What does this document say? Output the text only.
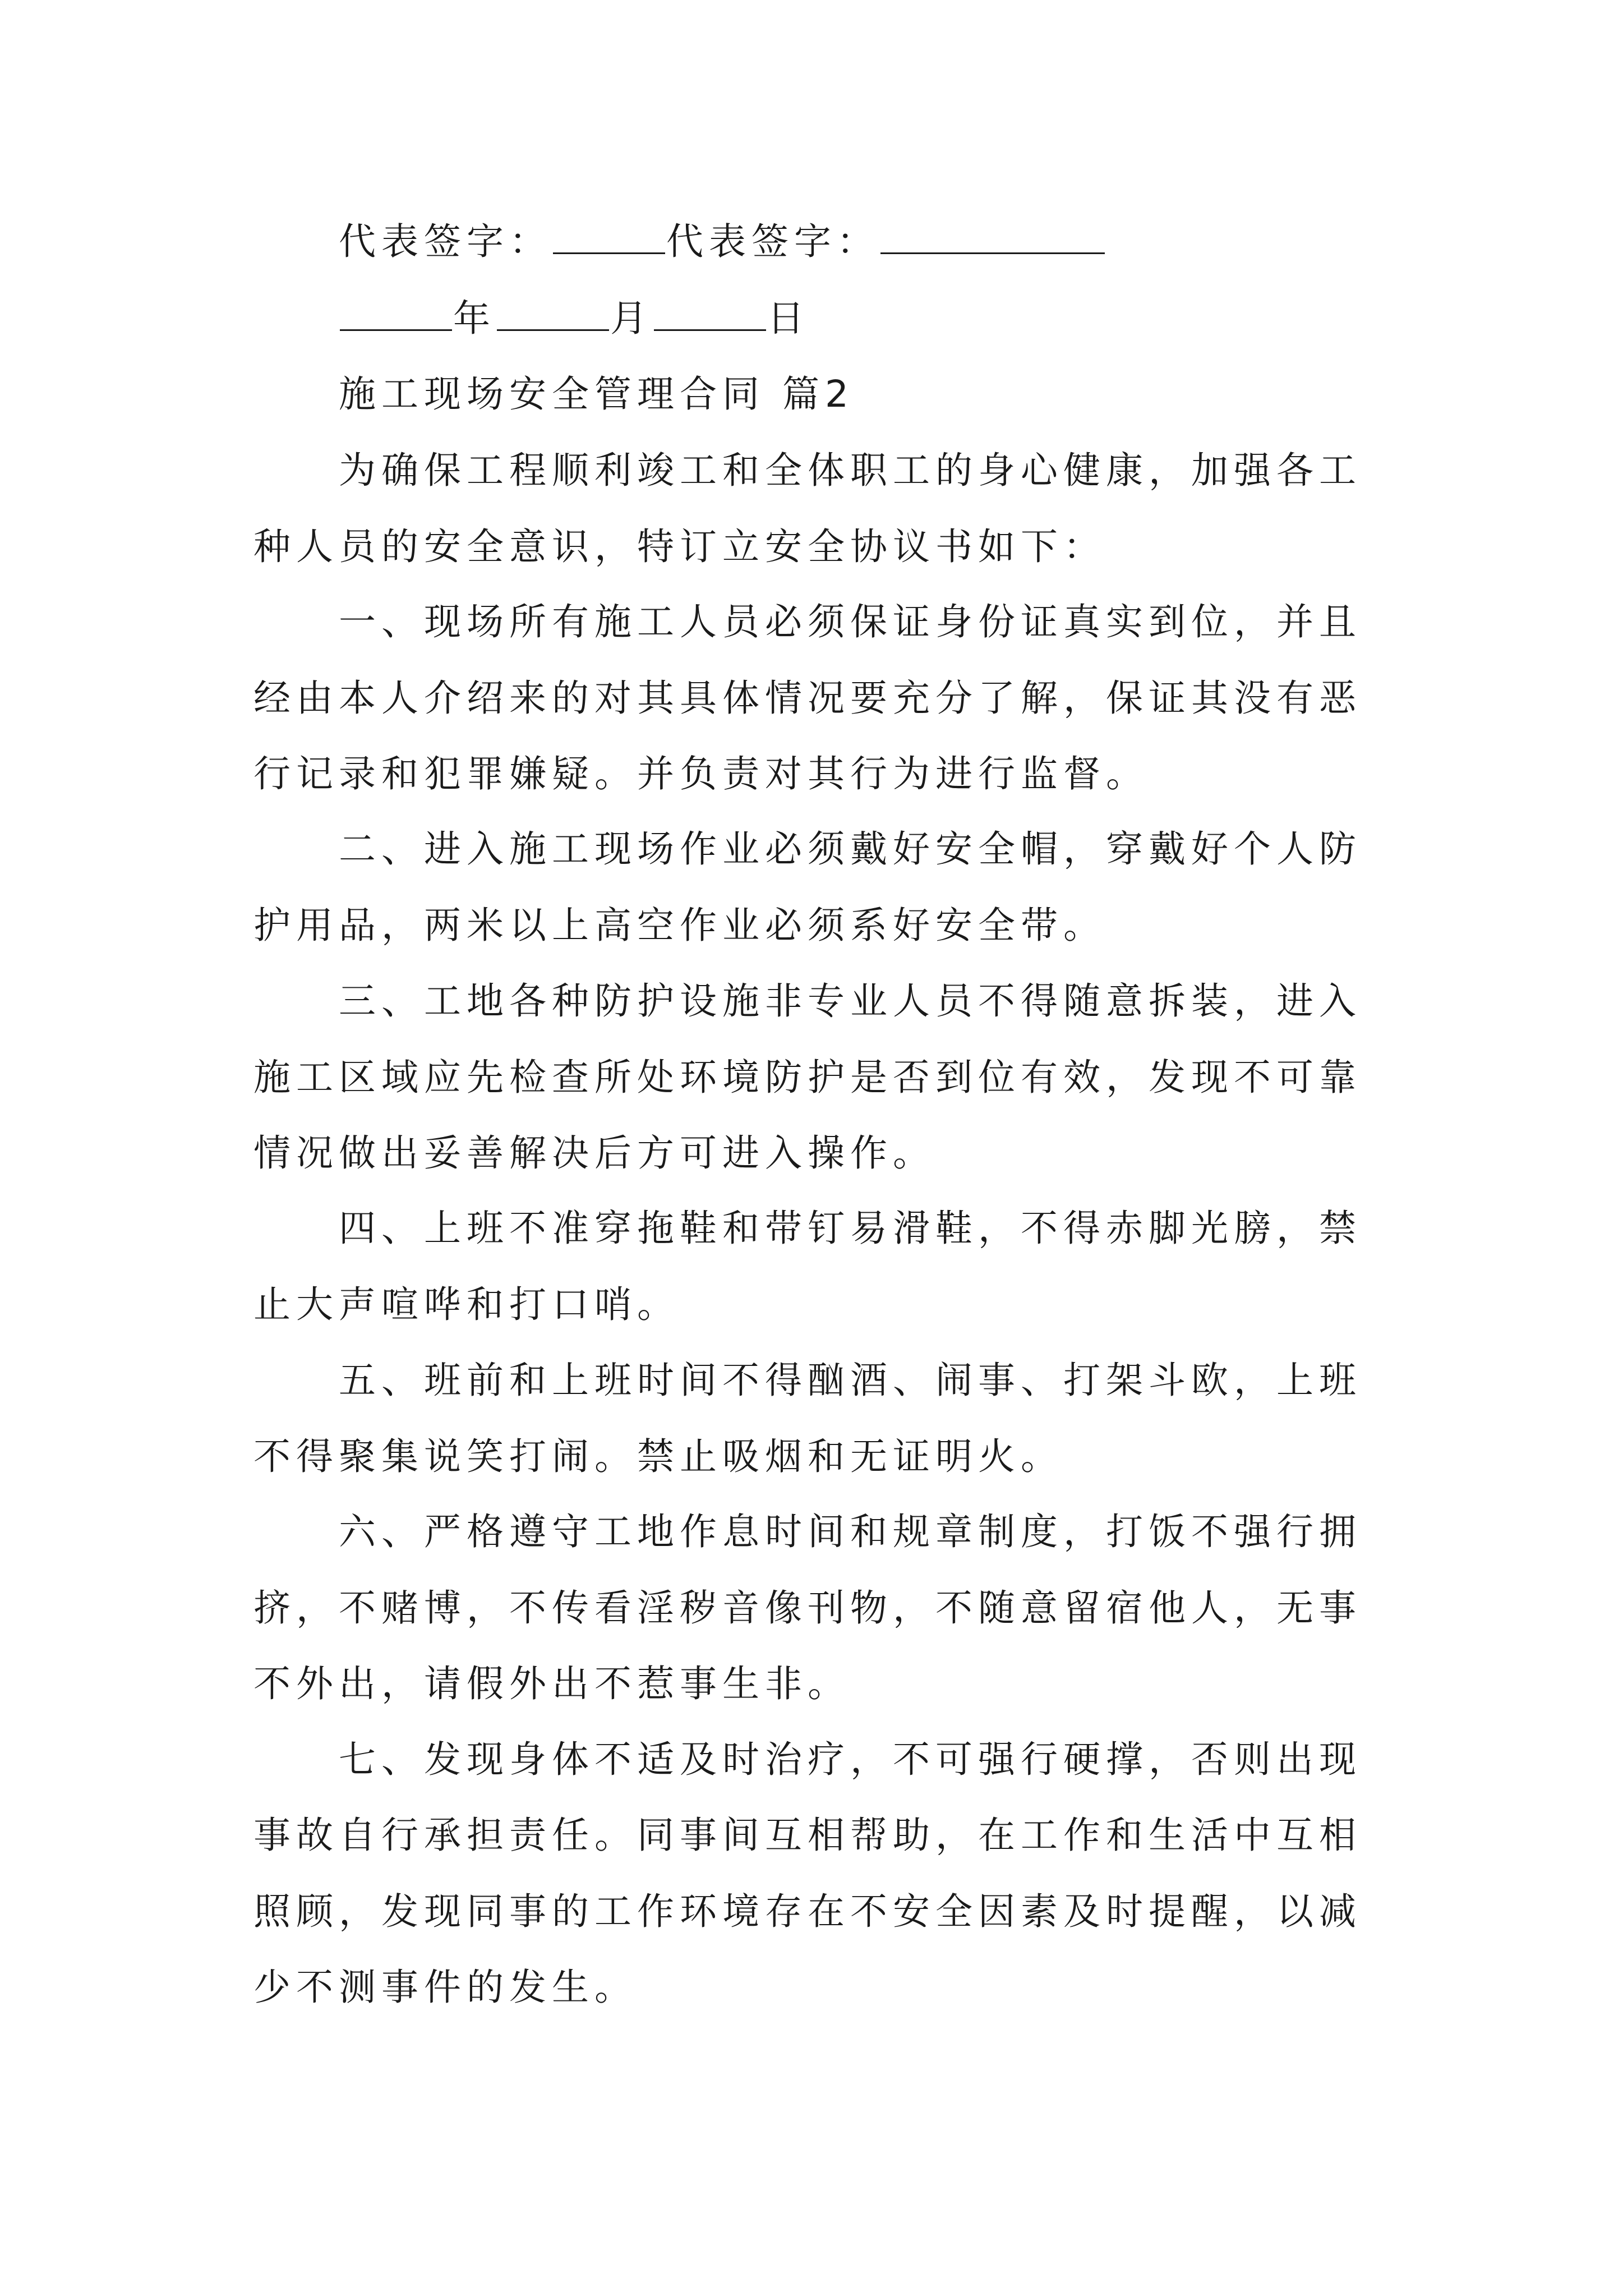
代表签字：	代表签字：
年	月	日
施工现场安全管理合同 篇2
为确保工程顺利竣工和全体职工的身心健康，加强各工
种人员的安全意识，特订立安全协议书如下：
一、现场所有施工人员必须保证身份证真实到位，并且
经由本人介绍来的对其具体情况要充分了解，保证其没有恶
行记录和犯罪嫌疑。并负责对其行为进行监督。
二、进入施工现场作业必须戴好安全帽，穿戴好个人防
护用品，两米以上高空作业必须系好安全带。
三、工地各种防护设施非专业人员不得随意拆装，进入
施工区域应先检查所处环境防护是否到位有效，发现不可靠
情况做出妥善解决后方可进入操作。
四、上班不准穿拖鞋和带钉易滑鞋，不得赤脚光膀，禁
止大声喧哗和打口哨。
五、班前和上班时间不得酗酒、闹事、打架斗欧，上班
不得聚集说笑打闹。禁止吸烟和无证明火。
六、严格遵守工地作息时间和规章制度，打饭不强行拥
挤，不赌博，不传看淫秽音像刊物，不随意留宿他人，无事
不外出，请假外出不惹事生非。
七、发现身体不适及时治疗，不可强行硬撑，否则出现
事故自行承担责任。同事间互相帮助，在工作和生活中互相
照顾，发现同事的工作环境存在不安全因素及时提醒，以减
少不测事件的发生。
